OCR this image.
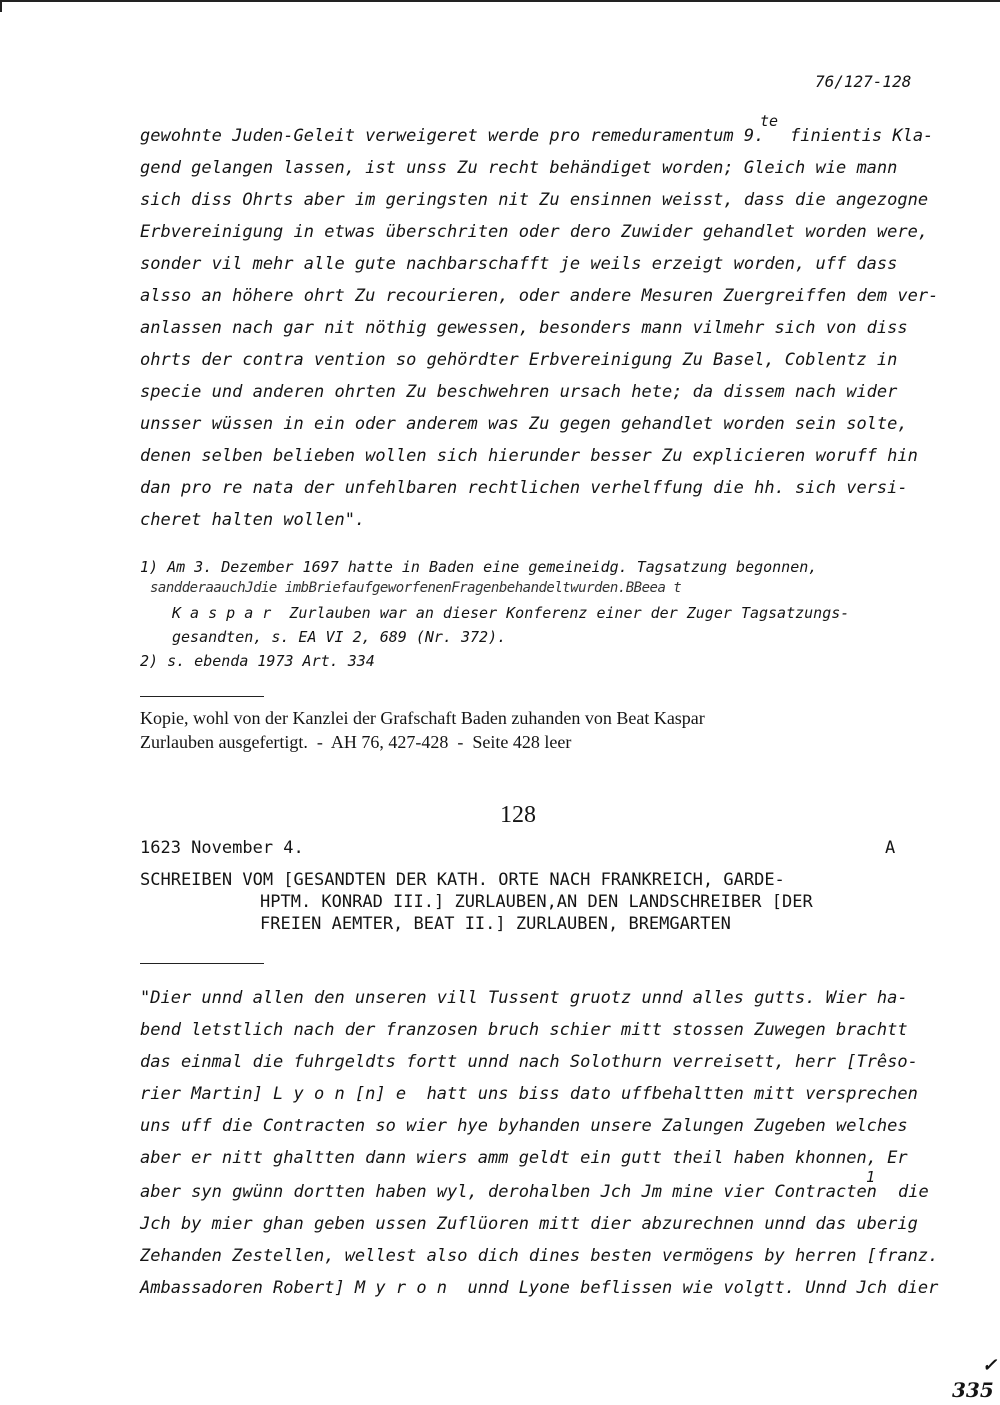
76/127-128
gewohnte Juden-Geleit verweigeret werde pro remeduramentum 9.
te
finientis Kla-
gend gelangen lassen, ist unss Zu recht behändiget worden; Gleich wie mann
sich diss Ohrts aber im geringsten nit Zu ensinnen weisst, dass die angezogne
Erbvereinigung in etwas überschriten oder dero Zuwider gehandlet worden were,
sonder vil mehr alle gute nachbarschafft je weils erzeigt worden, uff dass
alsso an höhere ohrt Zu recourieren, oder andere Mesuren Zuergreiffen dem ver-
anlassen nach gar nit nöthig gewessen, besonders mann vilmehr sich von diss
ohrts der contra vention so gehördter Erbvereinigung Zu Basel, Coblentz in
specie und anderen ohrten Zu beschwehren ursach hete; da dissem nach wider
unsser wüssen in ein oder anderem was Zu gegen gehandlet worden sein solte,
denen selben belieben wollen sich hierunder besser Zu explicieren woruff hin
dan pro re nata der unfehlbaren rechtlichen verhelffung die hh. sich versi-
cheret halten wollen".
1) Am 3. Dezember 1697 hatte in Baden eine gemeineidg. Tagsatzung begonnen,
sandderaauchJdie imbBriefaufgeworfenenFragenbehandeltwurden.BBeea t
K a s p a r  Zurlauben war an dieser Konferenz einer der Zuger Tagsatzungs-
gesandten, s. EA VI 2, 689 (Nr. 372).
2) s. ebenda 1973 Art. 334
Kopie, wohl von der Kanzlei der Grafschaft Baden zuhanden von Beat Kaspar
Zurlauben ausgefertigt.  -  AH 76, 427-428  -  Seite 428 leer
128
1623 November 4.	A
SCHREIBEN VOM [GESANDTEN DER KATH. ORTE NACH FRANKREICH, GARDE-
HPTM. KONRAD III.] ZURLAUBEN,AN DEN LANDSCHREIBER [DER
FREIEN AEMTER, BEAT II.] ZURLAUBEN, BREMGARTEN
"Dier unnd allen den unseren vill Tussent gruotz unnd alles gutts. Wier ha-
bend letstlich nach der franzosen bruch schier mitt stossen Zuwegen brachtt
das einmal die fuhrgeldts fortt unnd nach Solothurn verreisett, herr [Trêso-
rier Martin] L y o n [n] e  hatt uns biss dato uffbehaltten mitt versprechen
uns uff die Contracten so wier hye byhanden unsere Zalungen Zugeben welches
aber er nitt ghaltten dann wiers amm geldt ein gutt theil haben khonnen, Er
aber syn gwünn dortten haben wyl, derohalben Jch Jm mine vier Contracten
1
die
Jch by mier ghan geben ussen Zuflüoren mitt dier abzurechnen unnd das uberig
Zehanden Zestellen, wellest also dich dines besten vermögens by herren [franz.
Ambassadoren Robert] M y r o n  unnd Lyone beflissen wie volgtt. Unnd Jch dier
✓
335
